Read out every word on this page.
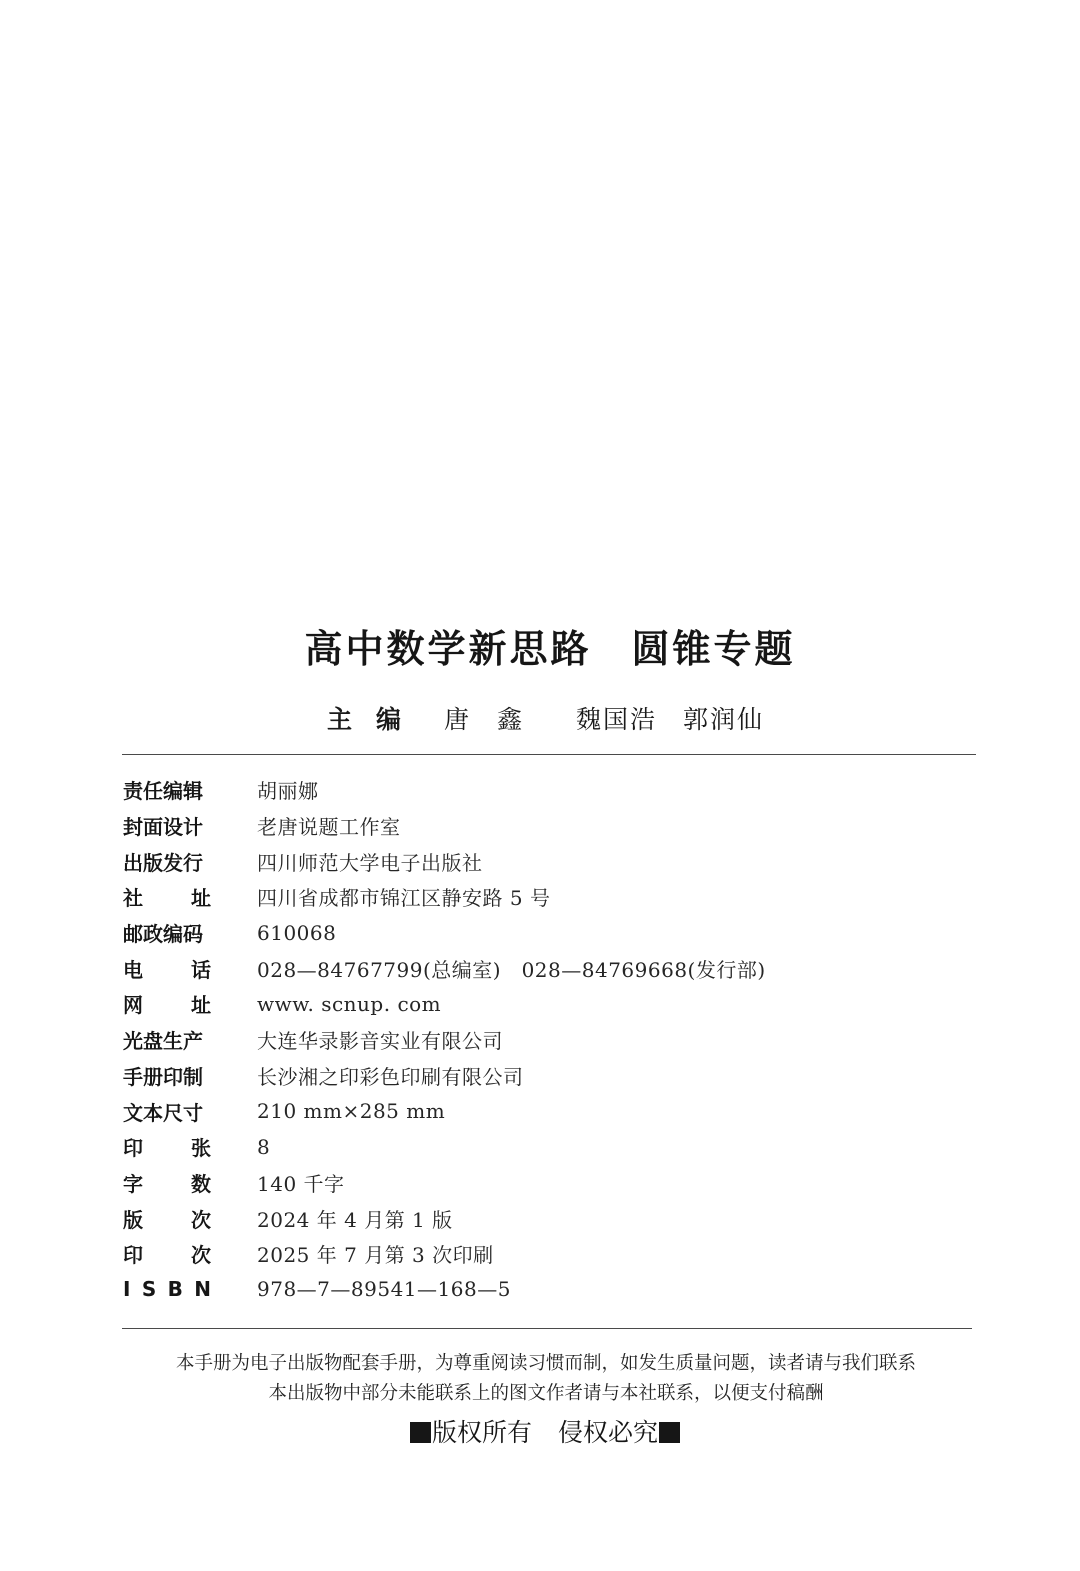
高中数学新思路 圆锥专题
主编 唐鑫 魏国浩 郭润仙
责任编辑	胡丽娜
封面设计	老唐说题工作室
出版发行	四川师范大学电子出版社
社 址 四川省成都市锦江区静安路 5 号
邮政编码	610068
电 话 028—84767799(总编室)　028—84769668(发行部)
网 址 www. scnup. com
光盘生产	大连华录影音实业有限公司
手册印制	长沙湘之印彩色印刷有限公司
文本尺寸	210 mm×285 mm
印 张 8
字 数 140 千字
版 次 2024 年 4 月第 1 版
印 次 2025 年 7 月第 3 次印刷
I S B N 978—7—89541—168—5
本手册为电子出版物配套手册，为尊重阅读习惯而制，如发生质量问题，读者请与我们联系
本出版物中部分未能联系上的图文作者请与本社联系，以便支付稿酬
版权所有 侵权必究
